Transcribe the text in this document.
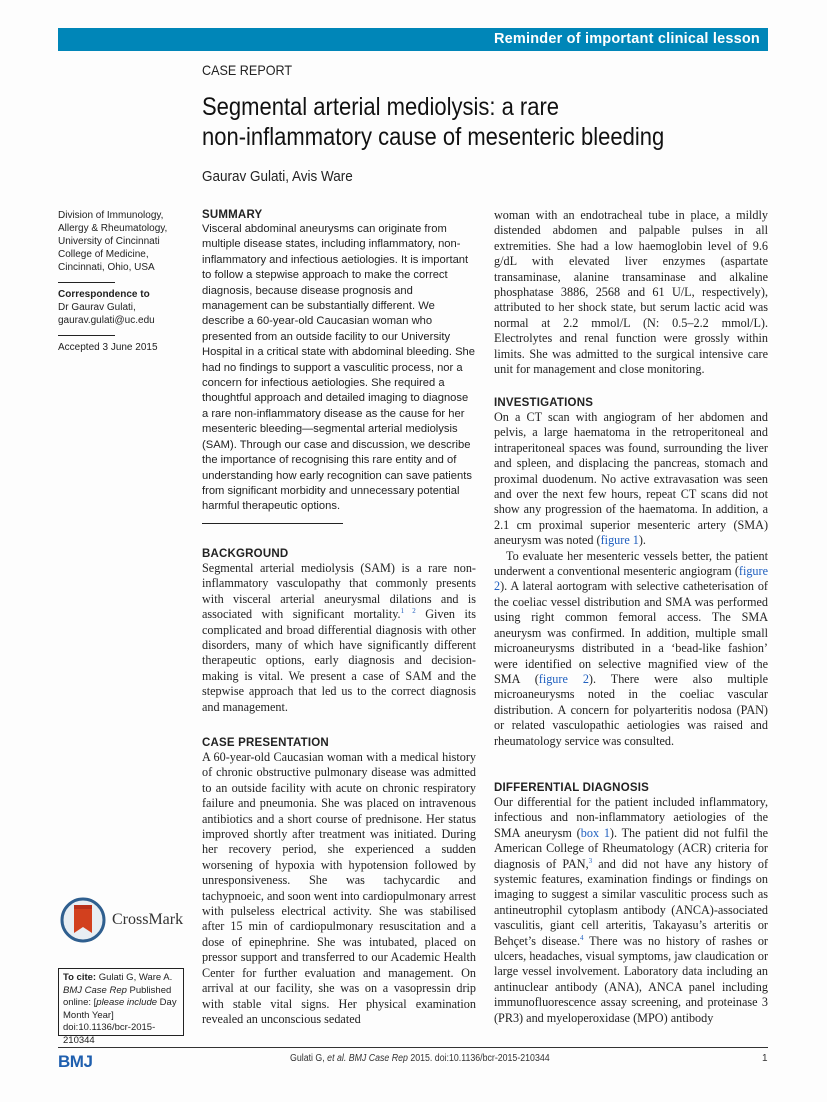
Reminder of important clinical lesson
CASE REPORT
Segmental arterial mediolysis: a rare
non-inflammatory cause of mesenteric bleeding
Gaurav Gulati, Avis Ware
Division of Immunology, Allergy & Rheumatology, University of Cincinnati College of Medicine, Cincinnati, Ohio, USA
Correspondence to
Dr Gaurav Gulati,
gaurav.gulati@uc.edu
Accepted 3 June 2015
CrossMark
To cite: Gulati G, Ware A. BMJ Case Rep Published online: [please include Day Month Year] doi:10.1136/bcr-2015-210344
SUMMARY

Visceral abdominal aneurysms can originate from multiple disease states, including inflammatory, non-inflammatory and infectious aetiologies. It is important to follow a stepwise approach to make the correct diagnosis, because disease prognosis and management can be substantially different. We describe a 60-year-old Caucasian woman who presented from an outside facility to our University Hospital in a critical state with abdominal bleeding. She had no findings to support a vasculitic process, nor a concern for infectious aetiologies. She required a thoughtful approach and detailed imaging to diagnose a rare non-inflammatory disease as the cause for her mesenteric bleeding—segmental arterial mediolysis (SAM). Through our case and discussion, we describe the importance of recognising this rare entity and of understanding how early recognition can save patients from significant morbidity and unnecessary potential harmful therapeutic options.

BACKGROUND

Segmental arterial mediolysis (SAM) is a rare non-inflammatory vasculopathy that commonly presents with visceral arterial aneurysmal dilations and is associated with significant mortality.$^{1 2}$ Given its complicated and broad differential diagnosis with other disorders, many of which have significantly different therapeutic options, early diagnosis and decision-making is vital. We present a case of SAM and the stepwise approach that led us to the correct diagnosis and management.

CASE PRESENTATION

A 60-year-old Caucasian woman with a medical history of chronic obstructive pulmonary disease was admitted to an outside facility with acute on chronic respiratory failure and pneumonia. She was placed on intravenous antibiotics and a short course of prednisone. Her status improved shortly after treatment was initiated. During her recovery period, she experienced a sudden worsening of hypoxia with hypotension followed by unresponsiveness. She was tachycardic and tachypnoeic, and soon went into cardiopulmonary arrest with pulseless electrical activity. She was stabilised after 15 min of cardiopulmonary resuscitation and a dose of epinephrine. She was intubated, placed on pressor support and transferred to our Academic Health Center for further evaluation and management. On arrival at our facility, she was on a vasopressin drip with stable vital signs. Her physical examination revealed an unconscious sedated

woman with an endotracheal tube in place, a mildly distended abdomen and palpable pulses in all extremities. She had a low haemoglobin level of 9.6 g/dL with elevated liver enzymes (aspartate transaminase, alanine transaminase and alkaline phosphatase 3886, 2568 and 61 U/L, respectively), attributed to her shock state, but serum lactic acid was normal at 2.2 mmol/L (N: 0.5–2.2 mmol/L). Electrolytes and renal function were grossly within limits. She was admitted to the surgical intensive care unit for management and close monitoring.

INVESTIGATIONS

On a CT scan with angiogram of her abdomen and pelvis, a large haematoma in the retroperitoneal and intraperitoneal spaces was found, surrounding the liver and spleen, and displacing the pancreas, stomach and proximal duodenum. No active extravasation was seen and over the next few hours, repeat CT scans did not show any progression of the haematoma. In addition, a 2.1 cm proximal superior mesenteric artery (SMA) aneurysm was noted (figure 1).

To evaluate her mesenteric vessels better, the patient underwent a conventional mesenteric angiogram (figure 2). A lateral aortogram with selective catheterisation of the coeliac vessel distribution and SMA was performed using right common femoral access. The SMA aneurysm was confirmed. In addition, multiple small microaneurysms distributed in a ‘bead-like fashion’ were identified on selective magnified view of the SMA (figure 2). There were also multiple microaneurysms noted in the coeliac vascular distribution. A concern for polyarteritis nodosa (PAN) or related vasculopathic aetiologies was raised and rheumatology service was consulted.

DIFFERENTIAL DIAGNOSIS

Our differential for the patient included inflammatory, infectious and non-inflammatory aetiologies of the SMA aneurysm (box 1). The patient did not fulfil the American College of Rheumatology (ACR) criteria for diagnosis of PAN,$^3$ and did not have any history of systemic features, examination findings or findings on imaging to suggest a similar vasculitic process such as antineutrophil cytoplasm antibody (ANCA)-associated vasculitis, giant cell arteritis, Takayasu’s arteritis or Behçet’s disease.$^4$ There was no history of rashes or ulcers, headaches, visual symptoms, jaw claudication or large vessel involvement. Laboratory data including an antinuclear antibody (ANA), ANCA panel including immunofluorescence assay screening, and proteinase 3 (PR3) and myeloperoxidase (MPO) antibody

BMJ	Gulati G, et al. BMJ Case Rep 2015. doi:10.1136/bcr-2015-210344	1
